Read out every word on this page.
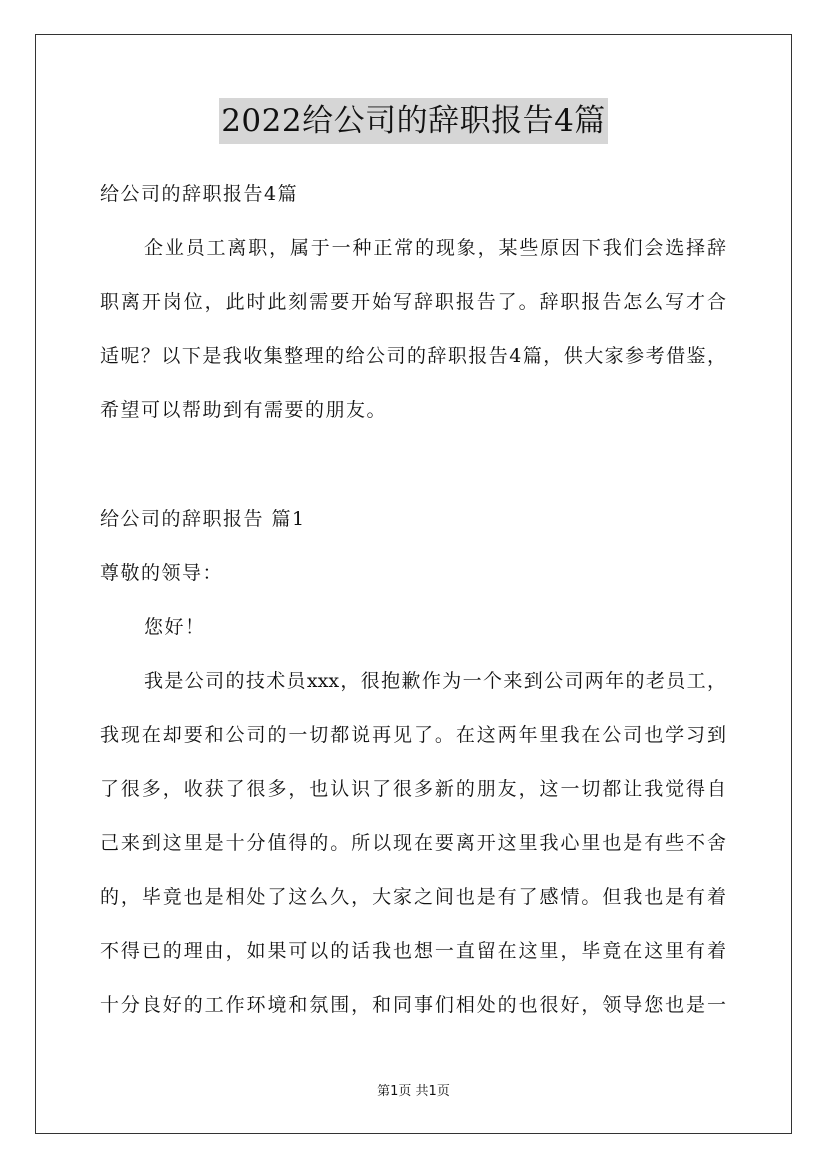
2022给公司的辞职报告4篇
给公司的辞职报告4篇
企业员工离职，属于一种正常的现象，某些原因下我们会选择辞
职离开岗位，此时此刻需要开始写辞职报告了。辞职报告怎么写才合
适呢？以下是我收集整理的给公司的辞职报告4篇，供大家参考借鉴，
希望可以帮助到有需要的朋友。
给公司的辞职报告 篇1
尊敬的领导：
您好！
我是公司的技术员xxx，很抱歉作为一个来到公司两年的老员工，
我现在却要和公司的一切都说再见了。在这两年里我在公司也学习到
了很多，收获了很多，也认识了很多新的朋友，这一切都让我觉得自
己来到这里是十分值得的。所以现在要离开这里我心里也是有些不舍
的，毕竟也是相处了这么久，大家之间也是有了感情。但我也是有着
不得已的理由，如果可以的话我也想一直留在这里，毕竟在这里有着
十分良好的工作环境和氛围，和同事们相处的也很好，领导您也是一
第1页 共1页
